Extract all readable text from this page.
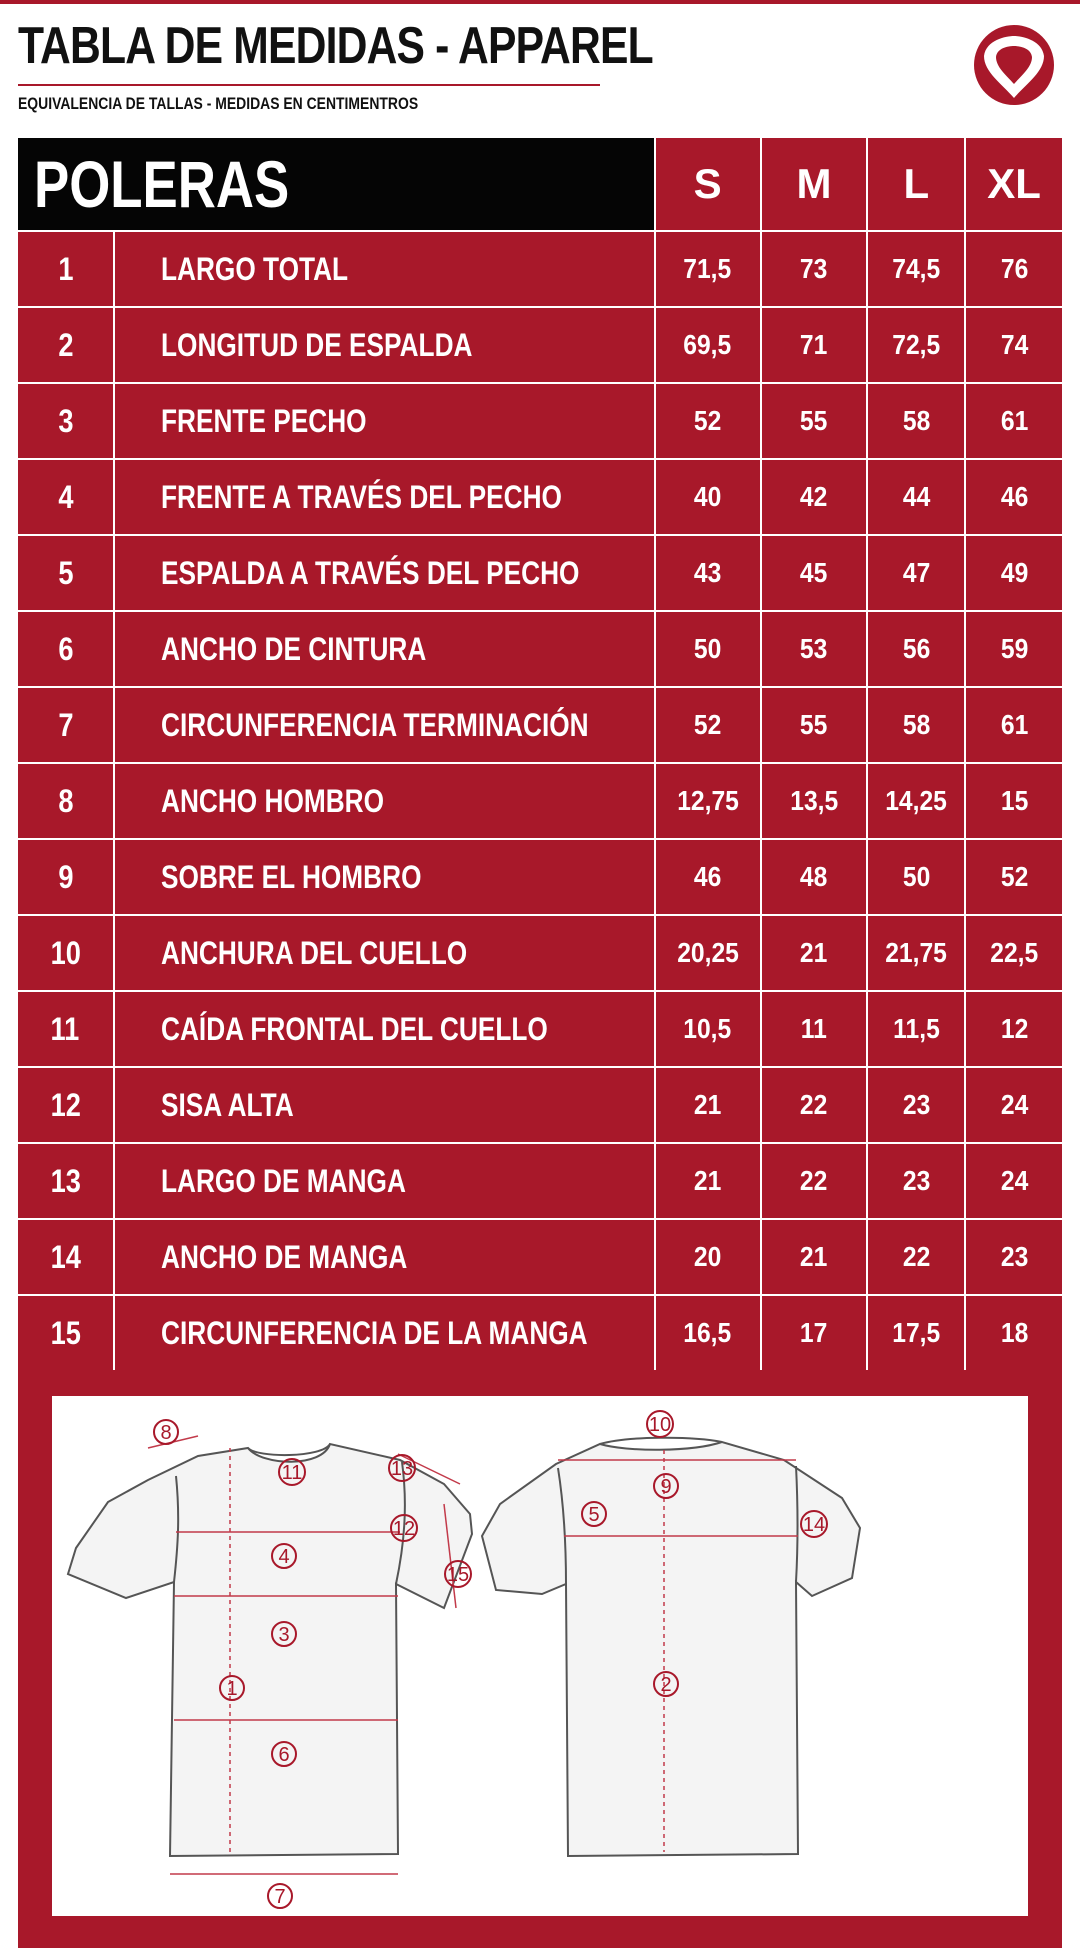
TABLA DE MEDIDAS - APPAREL
EQUIVALENCIA DE TALLAS - MEDIDAS EN CENTIMENTROS
POLERAS	S	M	L	XL
1	LARGO TOTAL	71,5 73 74,5 76
2	LONGITUD DE ESPALDA	69,5 71 72,5 74
3	FRENTE PECHO	52	55	58	61
4	FRENTE A TRAVÉS DEL PECHO	40	42	44	46
5	ESPALDA A TRAVÉS DEL PECHO	43	45	47	49
6	ANCHO DE CINTURA	50	53	56	59
7	CIRCUNFERENCIA TERMINACIÓN	52	55	58	61
8	ANCHO HOMBRO	12,75 13,5 14,25 15
9	SOBRE EL HOMBRO	46	48	50	52
10	ANCHURA DEL CUELLO	20,25 21 21,75 22,5
11	CAÍDA FRONTAL DEL CUELLO	10,5 11 11,5 12
12	SISA ALTA	21	22	23	24
13	LARGO DE MANGA	21	22	23	24
14	ANCHO DE MANGA	20	21	22	23
15	CIRCUNFERENCIA DE LA MANGA	16,5 17 17,5 18
8
11	13
4
12
15
3
1
6
7
10
9
5	14
2
